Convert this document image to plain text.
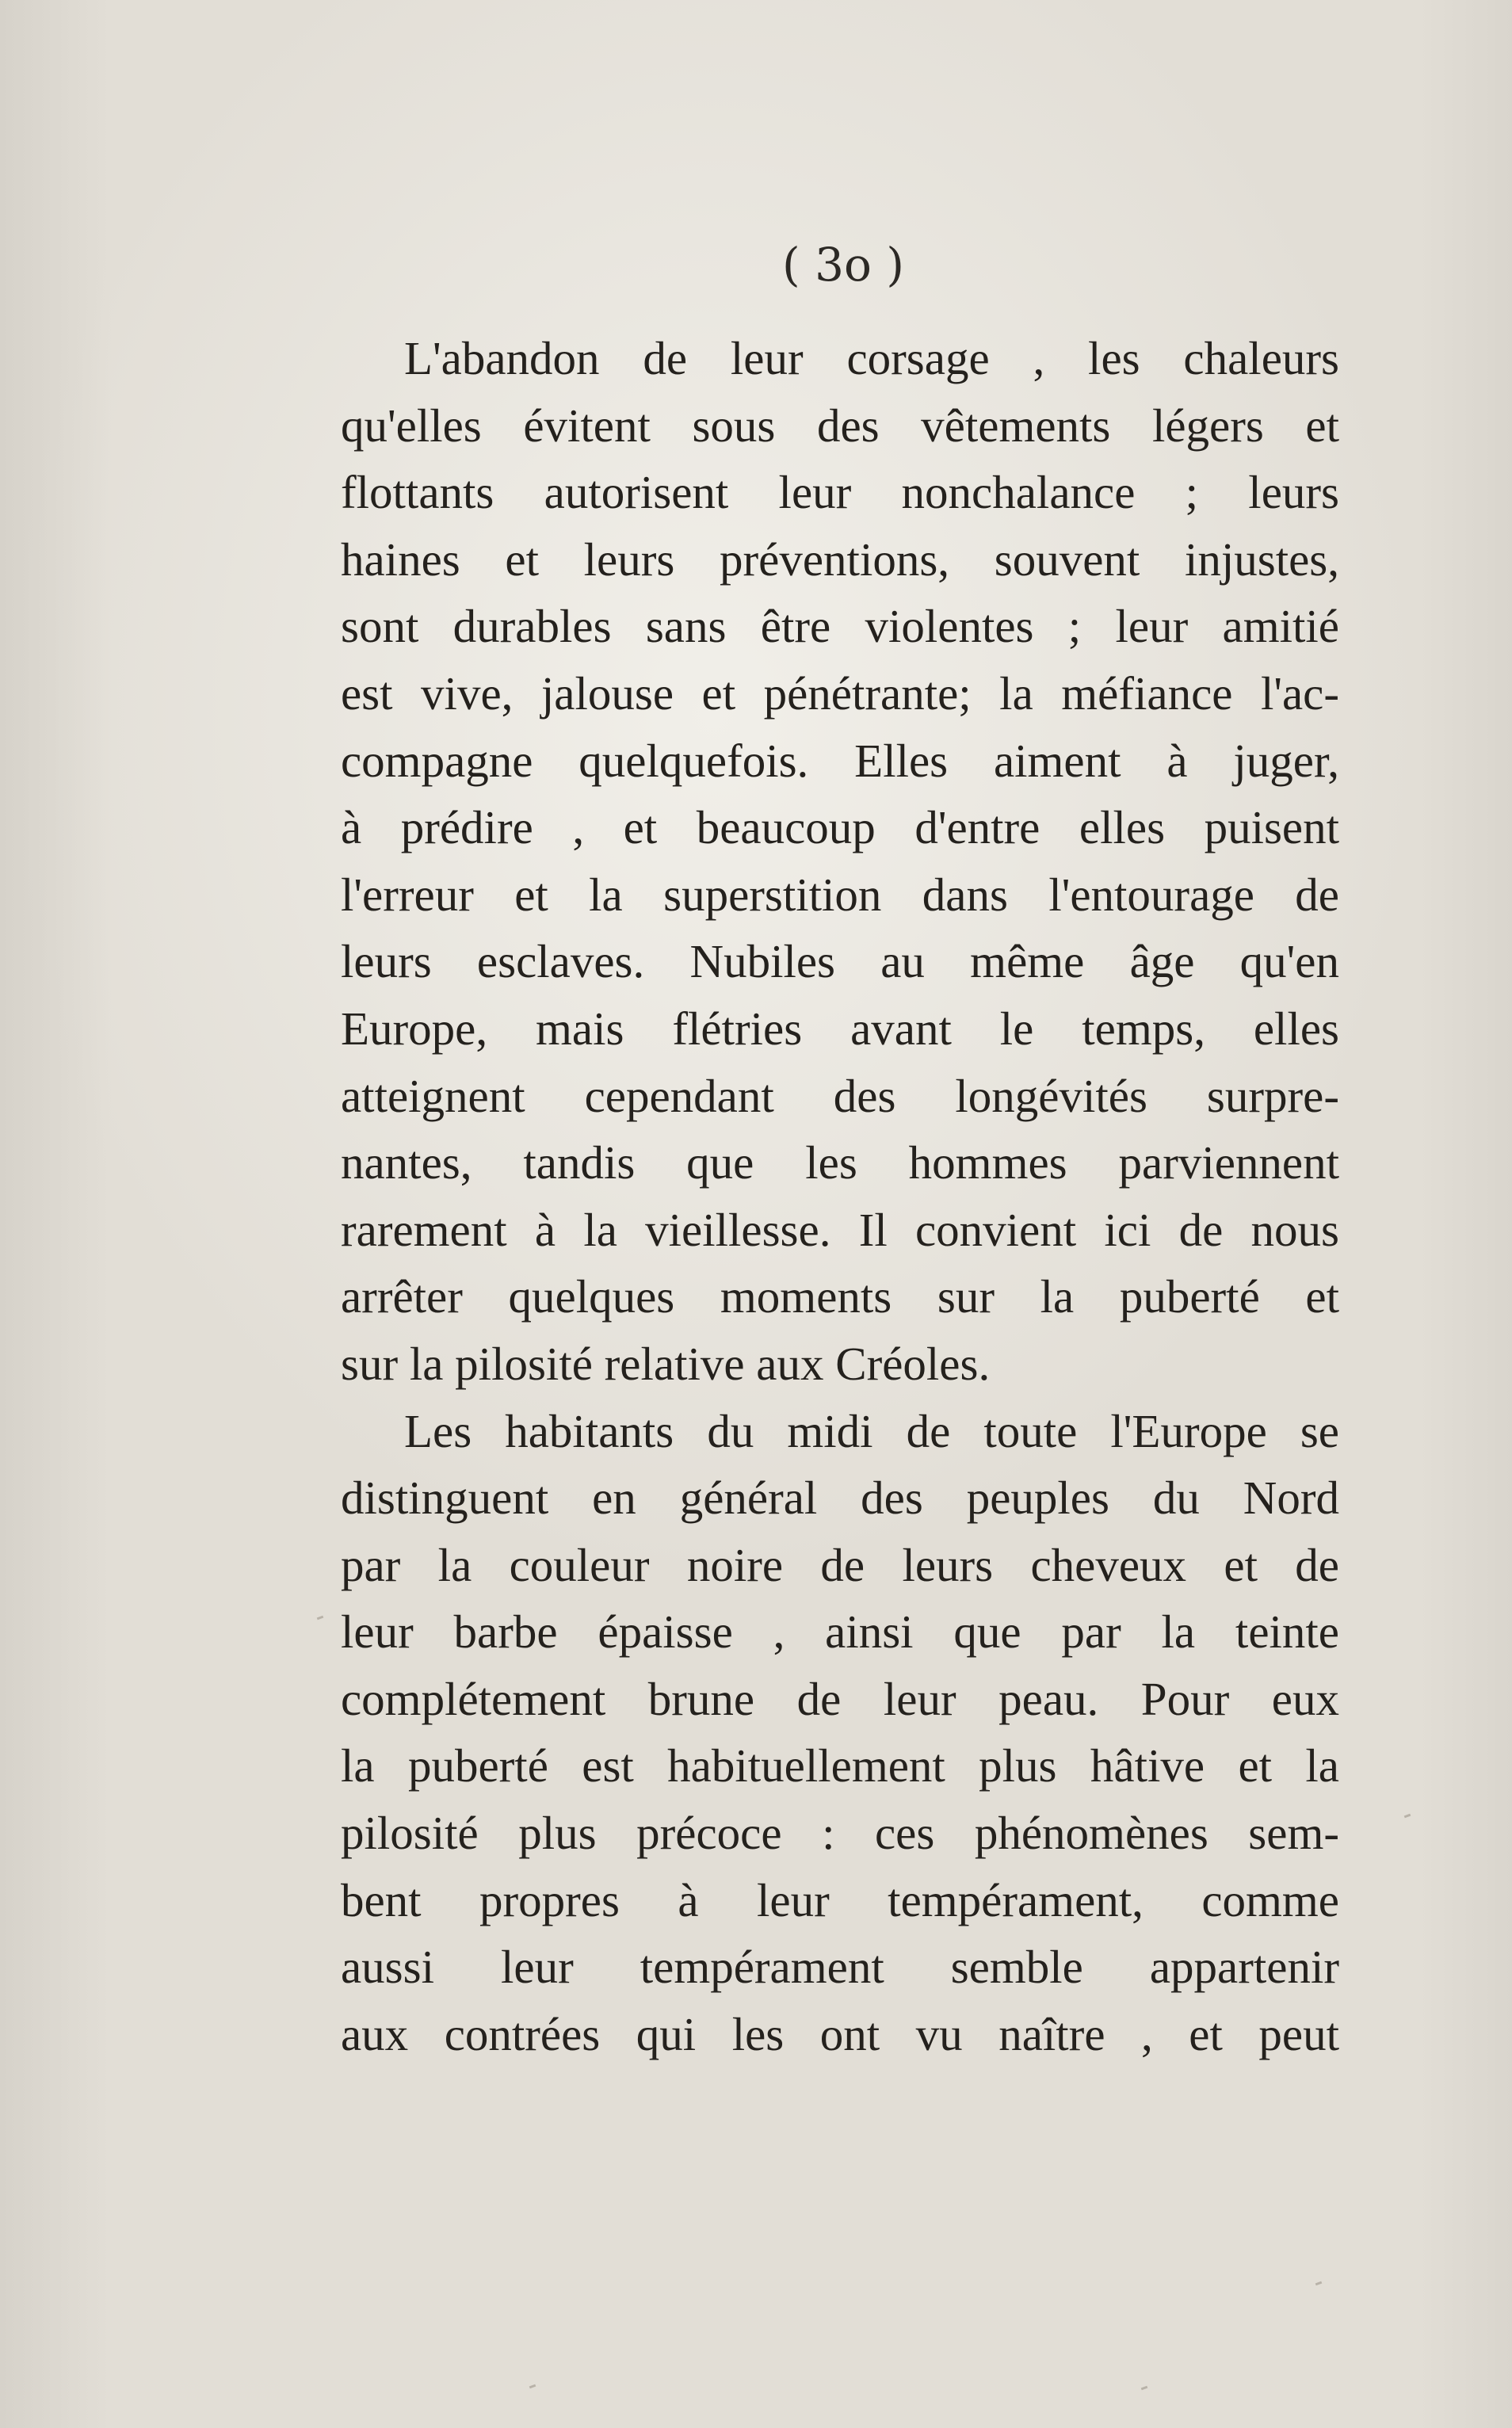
( 3o )
L'abandon de leur corsage , les chaleurs
qu'elles évitent sous des vêtements légers et
flottants autorisent leur nonchalance ; leurs
haines et leurs préventions, souvent injustes,
sont durables sans être violentes ; leur amitié
est vive, jalouse et pénétrante; la méfiance l'ac-
compagne quelquefois. Elles aiment à juger,
à prédire , et beaucoup d'entre elles puisent
l'erreur et la superstition dans l'entourage de
leurs esclaves. Nubiles au même âge qu'en
Europe, mais flétries avant le temps, elles
atteignent cependant des longévités surpre-
nantes, tandis que les hommes parviennent
rarement à la vieillesse. Il convient ici de nous
arrêter quelques moments sur la puberté et
sur la pilosité relative aux Créoles.
Les habitants du midi de toute l'Europe se
distinguent en général des peuples du Nord
par la couleur noire de leurs cheveux et de
leur barbe épaisse , ainsi que par la teinte
complétement brune de leur peau. Pour eux
la puberté est habituellement plus hâtive et la
pilosité plus précoce : ces phénomènes sem-
bent propres à leur tempérament, comme
aussi leur tempérament semble appartenir
aux contrées qui les ont vu naître , et peut
